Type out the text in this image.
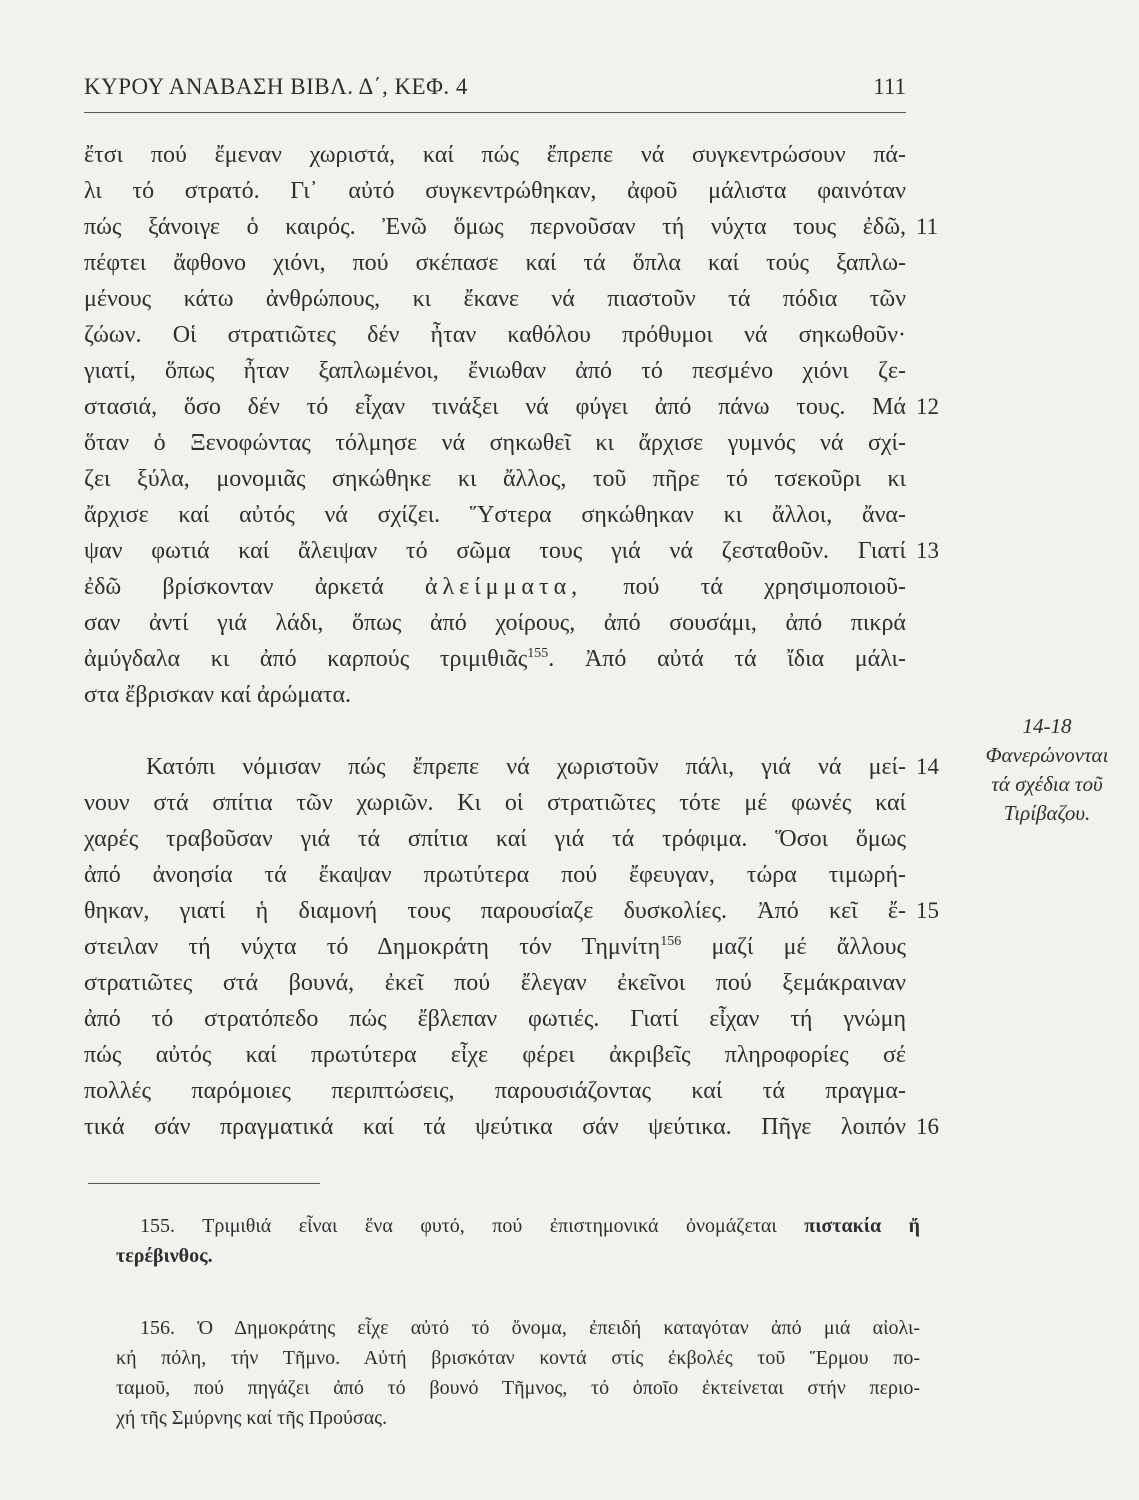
ΚΥΡΟΥ ΑΝΑΒΑΣΗ ΒΙΒΛ. Δ΄, ΚΕΦ. 4	111
ἔτσι πού ἔμεναν χωριστά, καί πώς ἔπρεπε νά συγκεντρώσουν πά-
λι τό στρατό. Γι᾿ αὐτό συγκεντρώθηκαν, ἀφοῦ μάλιστα φαινόταν
πώς ξάνοιγε ὁ καιρός. Ἐνῶ ὅμως περνοῦσαν τή νύχτα τους ἐδῶ,
πέφτει ἄφθονο χιόνι, πού σκέπασε καί τά ὅπλα καί τούς ξαπλω-
μένους κάτω ἀνθρώπους, κι ἔκανε νά πιαστοῦν τά πόδια τῶν
ζώων. Οἱ στρατιῶτες δέν ἦταν καθόλου πρόθυμοι νά σηκωθοῦν·
γιατί, ὅπως ἦταν ξαπλωμένοι, ἔνιωθαν ἀπό τό πεσμένο χιόνι ζε-
στασιά, ὅσο δέν τό εἶχαν τινάξει νά φύγει ἀπό πάνω τους. Μά
ὅταν ὁ Ξενοφώντας τόλμησε νά σηκωθεῖ κι ἄρχισε γυμνός νά σχί-
ζει ξύλα, μονομιᾶς σηκώθηκε κι ἄλλος, τοῦ πῆρε τό τσεκοῦρι κι
ἄρχισε καί αὐτός νά σχίζει. Ὕστερα σηκώθηκαν κι ἄλλοι, ἄνα-
ψαν φωτιά καί ἄλειψαν τό σῶμα τους γιά νά ζεσταθοῦν. Γιατί
ἐδῶ βρίσκονταν ἀρκετά ἀλείμματα, πού τά χρησιμοποιοῦ-
σαν ἀντί γιά λάδι, ὅπως ἀπό χοίρους, ἀπό σουσάμι, ἀπό πικρά
ἀμύγδαλα κι ἀπό καρπούς τριμιθιᾶς$^{155}$. Ἀπό αὐτά τά ἴδια μάλι-
στα ἔβρισκαν καί ἀρώματα.
Κατόπι νόμισαν πώς ἔπρεπε νά χωριστοῦν πάλι, γιά νά μεί-
νουν στά σπίτια τῶν χωριῶν. Κι οἱ στρατιῶτες τότε μέ φωνές καί
χαρές τραβοῦσαν γιά τά σπίτια καί γιά τά τρόφιμα. Ὅσοι ὅμως
ἀπό ἀνοησία τά ἔκαψαν πρωτύτερα πού ἔφευγαν, τώρα τιμωρή-
θηκαν, γιατί ἡ διαμονή τους παρουσίαζε δυσκολίες. Ἀπό κεῖ ἔ-
στειλαν τή νύχτα τό Δημοκράτη τόν Τημνίτη$^{156}$ μαζί μέ ἄλλους
στρατιῶτες στά βουνά, ἐκεῖ πού ἔλεγαν ἐκεῖνοι πού ξεμάκραιναν
ἀπό τό στρατόπεδο πώς ἔβλεπαν φωτιές. Γιατί εἶχαν τή γνώμη
πώς αὐτός καί πρωτύτερα εἶχε φέρει ἀκριβεῖς πληροφορίες σέ
πολλές παρόμοιες περιπτώσεις, παρουσιάζοντας καί τά πραγμα-
τικά σάν πραγματικά καί τά ψεύτικα σάν ψεύτικα. Πῆγε λοιπόν
11
12
13
14
15
16
14-18
Φανερώνονται
τά σχέδια τοῦ
Τιρίβαζου.
155. Τριμιθιά εἶναι ἕνα φυτό, πού ἐπιστημονικά ὀνομάζεται πιστακία ἤ
τερέβινθος.
156. Ὁ Δημοκράτης εἶχε αὐτό τό ὄνομα, ἐπειδή καταγόταν ἀπό μιά αἰολι-
κή πόλη, τήν Τῆμνο. Αὐτή βρισκόταν κοντά στίς ἐκβολές τοῦ Ἕρμου πο-
ταμοῦ, πού πηγάζει ἀπό τό βουνό Τῆμνος, τό ὁποῖο ἐκτείνεται στήν περιο-
χή τῆς Σμύρνης καί τῆς Προύσας.
